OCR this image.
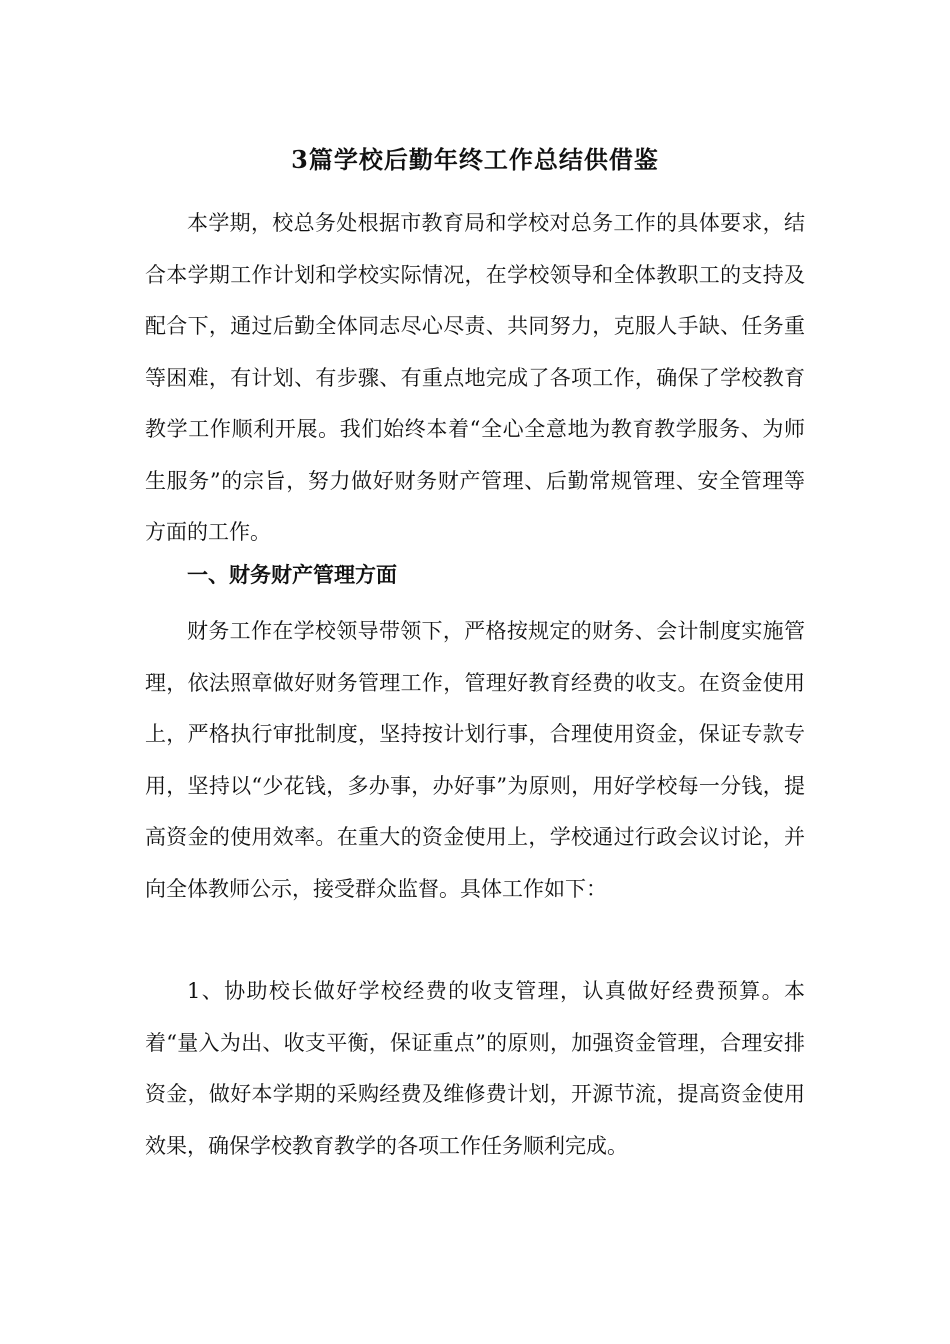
3篇学校后勤年终工作总结供借鉴

本学期，校总务处根据市教育局和学校对总务工作的具体要求，结合本学期工作计划和学校实际情况，在学校领导和全体教职工的支持及配合下，通过后勤全体同志尽心尽责、共同努力，克服人手缺、任务重等困难，有计划、有步骤、有重点地完成了各项工作，确保了学校教育教学工作顺利开展。我们始终本着“全心全意地为教育教学服务、为师生服务”的宗旨，努力做好财务财产管理、后勤常规管理、安全管理等方面的工作。

一、财务财产管理方面

财务工作在学校领导带领下，严格按规定的财务、会计制度实施管理，依法照章做好财务管理工作，管理好教育经费的收支。在资金使用上，严格执行审批制度，坚持按计划行事，合理使用资金，保证专款专用，坚持以“少花钱，多办事，办好事”为原则，用好学校每一分钱，提高资金的使用效率。在重大的资金使用上，学校通过行政会议讨论，并向全体教师公示，接受群众监督。具体工作如下：

1、协助校长做好学校经费的收支管理，认真做好经费预算。本着“量入为出、收支平衡，保证重点”的原则，加强资金管理，合理安排资金，做好本学期的采购经费及维修费计划，开源节流，提高资金使用效果，确保学校教育教学的各项工作任务顺利完成。
